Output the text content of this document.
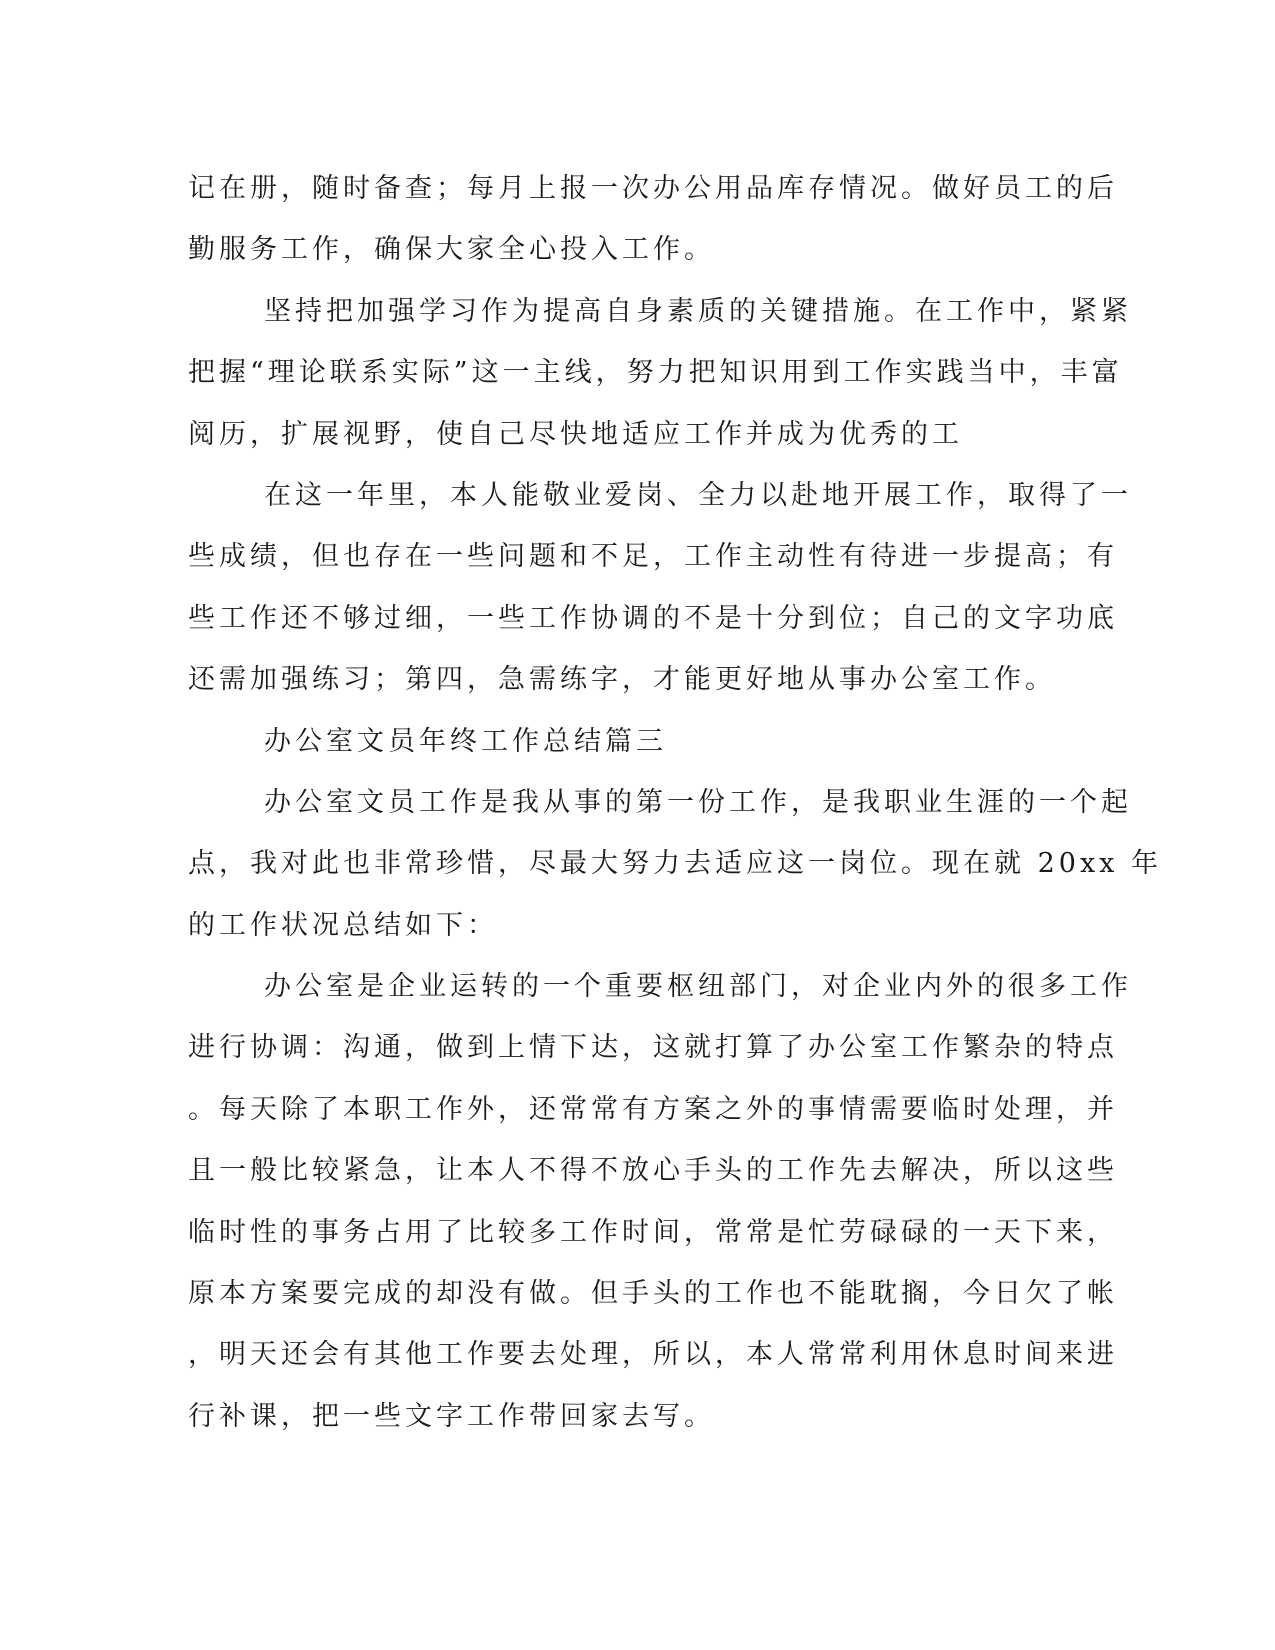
记在册，随时备查；每月上报一次办公用品库存情况。做好员工的后
勤服务工作，确保大家全心投入工作。
坚持把加强学习作为提高自身素质的关键措施。在工作中，紧紧
把握“理论联系实际”这一主线，努力把知识用到工作实践当中，丰富
阅历，扩展视野，使自己尽快地适应工作并成为优秀的工
在这一年里，本人能敬业爱岗、全力以赴地开展工作，取得了一
些成绩，但也存在一些问题和不足，工作主动性有待进一步提高；有
些工作还不够过细，一些工作协调的不是十分到位；自己的文字功底
还需加强练习；第四，急需练字，才能更好地从事办公室工作。
办公室文员年终工作总结篇三
办公室文员工作是我从事的第一份工作，是我职业生涯的一个起
点，我对此也非常珍惜，尽最大努力去适应这一岗位。现在就 20xx 年
的工作状况总结如下：
办公室是企业运转的一个重要枢纽部门，对企业内外的很多工作
进行协调：沟通，做到上情下达，这就打算了办公室工作繁杂的特点
。每天除了本职工作外，还常常有方案之外的事情需要临时处理，并
且一般比较紧急，让本人不得不放心手头的工作先去解决，所以这些
临时性的事务占用了比较多工作时间，常常是忙劳碌碌的一天下来，
原本方案要完成的却没有做。但手头的工作也不能耽搁，今日欠了帐
，明天还会有其他工作要去处理，所以，本人常常利用休息时间来进
行补课，把一些文字工作带回家去写。
